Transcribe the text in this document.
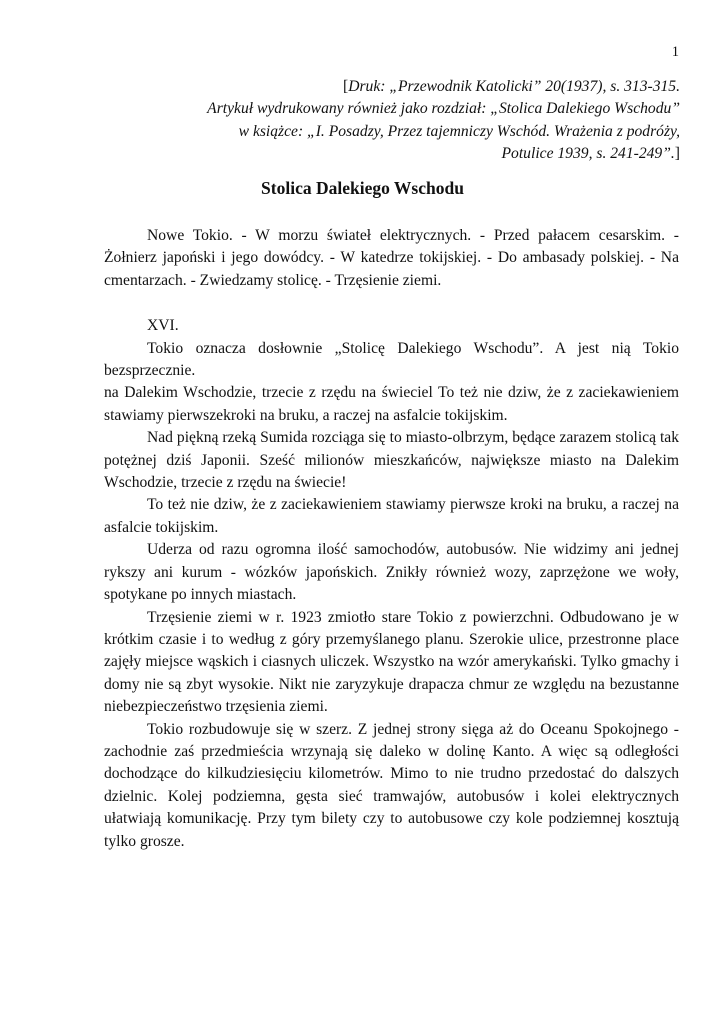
1
[Druk: „Przewodnik Katolicki” 20(1937), s. 313-315.
Artykuł wydrukowany również jako rozdział: „Stolica Dalekiego Wschodu”
w książce: „I. Posadzy, Przez tajemniczy Wschód. Wrażenia z podróży,
Potulice 1939, s. 241-249”.]
Stolica Dalekiego Wschodu

Nowe Tokio. - W morzu świateł elektrycznych. - Przed pałacem cesarskim. - Żołnierz japoński i jego dowódcy. - W katedrze tokijskiej. - Do ambasady polskiej. - Na cmentarzach. - Zwiedzamy stolicę. - Trzęsienie ziemi.

XVI.

Tokio oznacza dosłownie „Stolicę Dalekiego Wschodu”. A jest nią Tokio bezsprzecznie.

na Dalekim Wschodzie, trzecie z rzędu na świeciel To też nie dziw, że z zaciekawieniem stawiamy pierwszekroki na bruku, a raczej na asfalcie tokijskim.

Nad piękną rzeką Sumida rozciąga się to miasto-olbrzym, będące zarazem stolicą tak potężnej dziś Japonii. Sześć milionów mieszkańców, największe miasto na Dalekim Wschodzie, trzecie z rzędu na świecie!

To też nie dziw, że z zaciekawieniem stawiamy pierwsze kroki na bruku, a raczej na asfalcie tokijskim.

Uderza od razu ogromna ilość samochodów, autobusów. Nie widzimy ani jednej rykszy ani kurum - wózków japońskich. Znikły również wozy, zaprzężone we woły, spotykane po innych miastach.

Trzęsienie ziemi w r. 1923 zmiotło stare Tokio z powierzchni. Odbudowano je w krótkim czasie i to według z góry przemyślanego planu. Szerokie ulice, przestronne place zajęły miejsce wąskich i ciasnych uliczek. Wszystko na wzór amerykański. Tylko gmachy i domy nie są zbyt wysokie. Nikt nie zaryzykuje drapacza chmur ze względu na bezustanne niebezpieczeństwo trzęsienia ziemi.

Tokio rozbudowuje się w szerz. Z jednej strony sięga aż do Oceanu Spokojnego - zachodnie zaś przedmieścia wrzynają się daleko w dolinę Kanto. A więc są odległości dochodzące do kilkudziesięciu kilometrów. Mimo to nie trudno przedostać do dalszych dzielnic. Kolej podziemna, gęsta sieć tramwajów, autobusów i kolei elektrycznych ułatwiają komunikację. Przy tym bilety czy to autobusowe czy kole podziemnej kosztują tylko grosze.
